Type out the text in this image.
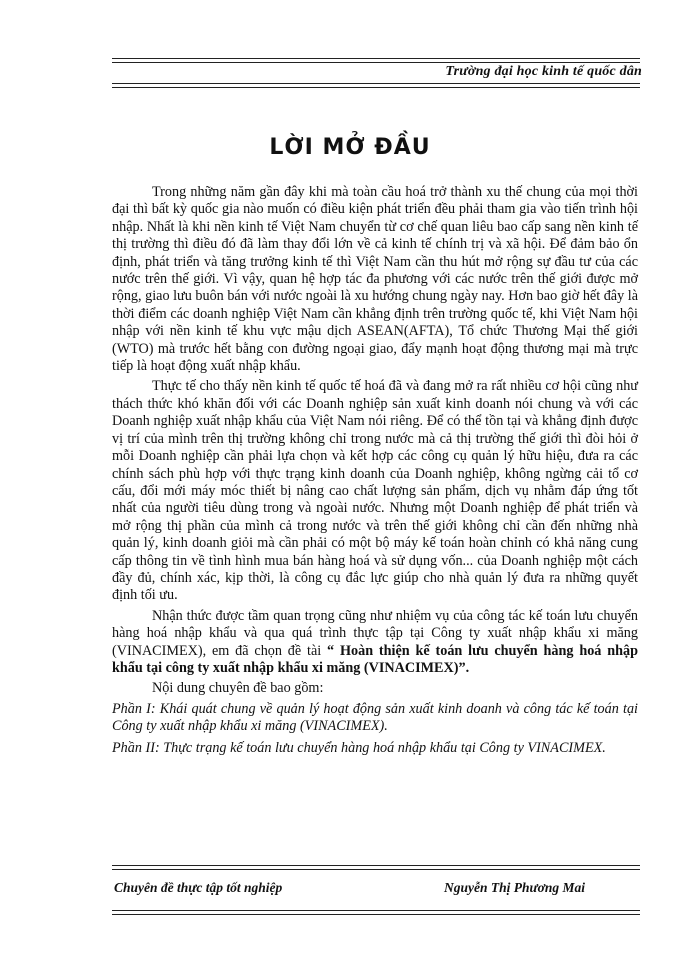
Trường đại học kinh tế quốc dân
LỜI MỞ ĐẦU

Trong những năm gần đây khi mà toàn cầu hoá trở thành xu thế chung của mọi thời đại thì bất kỳ quốc gia nào muốn có điều kiện phát triển đều phải tham gia vào tiến trình hội nhập. Nhất là khi nền kinh tế Việt Nam chuyển từ cơ chế quan liêu bao cấp sang nền kinh tế thị trường thì điều đó đã làm thay đổi lớn về cả kinh tế chính trị và xã hội. Để đảm bảo ổn định, phát triển và tăng trưởng kinh tế thì Việt Nam cần thu hút mở rộng sự đầu tư của các nước trên thế giới. Vì vậy, quan hệ hợp tác đa phương với các nước trên thế giới được mở rộng, giao lưu buôn bán với nước ngoài là xu hướng chung ngày nay. Hơn bao giờ hết đây là thời điểm các doanh nghiệp Việt Nam cần khẳng định trên trường quốc tế, khi Việt Nam hội nhập với nền kinh tế khu vực mậu dịch ASEAN(AFTA), Tổ chức Thương Mại thế giới (WTO) mà trước hết bằng con đường ngoại giao, đẩy mạnh hoạt động thương mại mà trực tiếp là hoạt động xuất nhập khẩu.

Thực tế cho thấy nền kinh tế quốc tế hoá đã và đang mở ra rất nhiều cơ hội cũng như thách thức khó khăn đối với các Doanh nghiệp sản xuất kinh doanh nói chung và với các Doanh nghiệp xuất nhập khẩu của Việt Nam nói riêng. Để có thể tồn tại và khẳng định được vị trí của mình trên thị trường không chỉ trong nước mà cả thị trường thế giới thì đòi hỏi ở mỗi Doanh nghiệp cần phải lựa chọn và kết hợp các công cụ quản lý hữu hiệu, đưa ra các chính sách phù hợp với thực trạng kinh doanh của Doanh nghiệp, không ngừng cải tổ cơ cấu, đổi mới máy móc thiết bị nâng cao chất lượng sản phẩm, dịch vụ nhằm đáp ứng tốt nhất của người tiêu dùng trong và ngoài nước. Nhưng một Doanh nghiệp để phát triển và mở rộng thị phần của mình cả trong nước và trên thế giới không chỉ cần đến những nhà quản lý, kinh doanh giỏi mà cần phải có một bộ máy kế toán hoàn chỉnh có khả năng cung cấp thông tin về tình hình mua bán hàng hoá và sử dụng vốn... của Doanh nghiệp một cách đầy đủ, chính xác, kịp thời, là công cụ đắc lực giúp cho nhà quản lý đưa ra những quyết định tối ưu.

Nhận thức được tầm quan trọng cũng như nhiệm vụ của công tác kế toán lưu chuyển hàng hoá nhập khẩu và qua quá trình thực tập tại Công ty xuất nhập khẩu xi măng (VINACIMEX), em đã chọn đề tài “ Hoàn thiện kế toán lưu chuyển hàng hoá nhập khẩu tại công ty xuất nhập khẩu xi măng (VINACIMEX)”.

Nội dung chuyên đề bao gồm:

Phần I: Khái quát chung về quản lý hoạt động sản xuất kinh doanh và công tác kế toán tại Công ty xuất nhập khẩu xi măng (VINACIMEX).

Phần II: Thực trạng kế toán lưu chuyển hàng hoá nhập khẩu tại Công ty VINACIMEX.

Chuyên đề thực tập tốt nghiệp	Nguyễn Thị Phương Mai
